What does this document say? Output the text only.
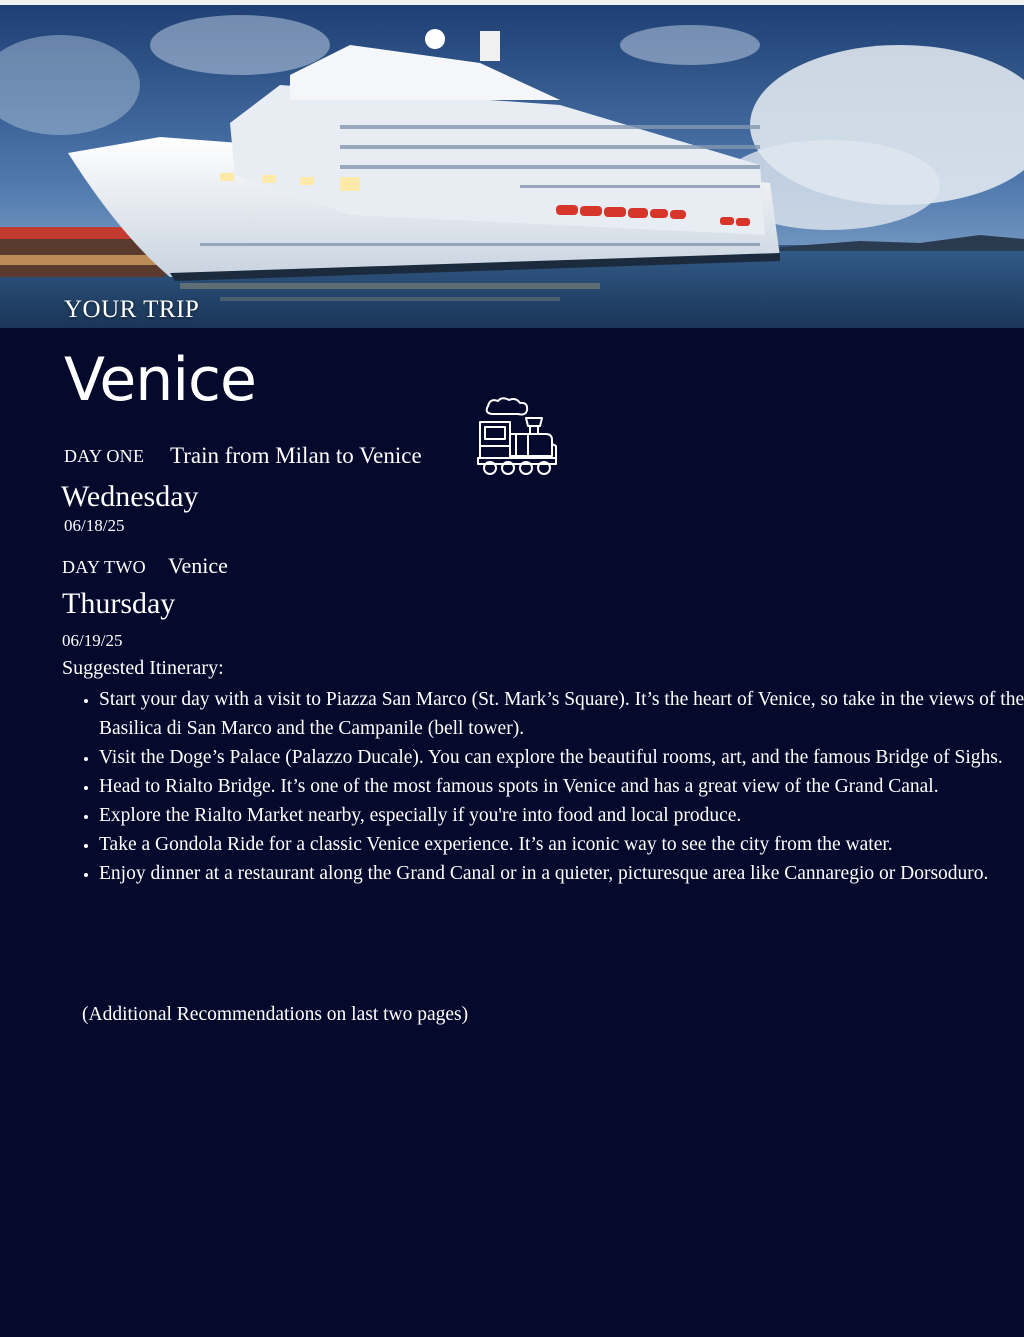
YOUR TRIP
Venice
DAY ONE Train from Milan to Venice
Wednesday
06/18/25
DAY TWO Venice
Thursday
06/19/25
Suggested Itinerary:
• Start your day with a visit to Piazza San Marco (St. Mark’s Square). It’s the heart of Venice, so take in the views of the Basilica di San Marco and the Campanile (bell tower).
• Visit the Doge’s Palace (Palazzo Ducale). You can explore the beautiful rooms, art, and the famous Bridge of Sighs.
• Head to Rialto Bridge. It’s one of the most famous spots in Venice and has a great view of the Grand Canal.
• Explore the Rialto Market nearby, especially if you're into food and local produce.
• Take a Gondola Ride for a classic Venice experience. It’s an iconic way to see the city from the water.
• Enjoy dinner at a restaurant along the Grand Canal or in a quieter, picturesque area like Cannaregio or Dorsoduro.
(Additional Recommendations on last two pages)
